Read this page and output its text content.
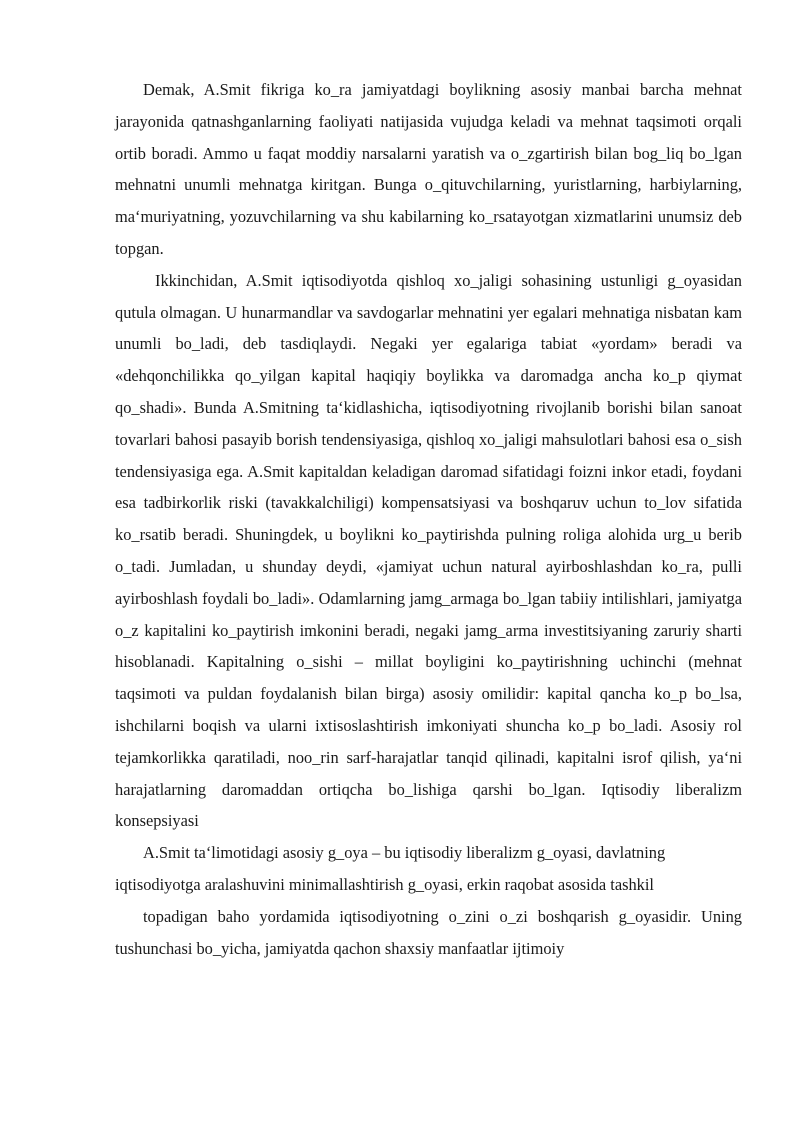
Demak, A.Smit fikriga ko_ra jamiyatdagi boylikning asosiy manbai barcha mehnat jarayonida qatnashganlarning faoliyati natijasida vujudga keladi va mehnat taqsimoti orqali ortib boradi. Ammo u faqat moddiy narsalarni yaratish va o_zgartirish bilan bog_liq bo_lgan mehnatni unumli mehnatga kiritgan. Bunga o_qituvchilarning, yuristlarning, harbiylarning, ma‘muriyatning, yozuvchilarning va shu kabilarning ko_rsatayotgan xizmatlarini unumsiz deb topgan.

Ikkinchidan, A.Smit iqtisodiyotda qishloq xo_jaligi sohasining ustunligi g_oyasidan qutula olmagan. U hunarmandlar va savdogarlar mehnatini yer egalari mehnatiga nisbatan kam unumli bo_ladi, deb tasdiqlaydi. Negaki yer egalariga tabiat «yordam» beradi va «dehqonchilikka qo_yilgan kapital haqiqiy boylikka va daromadga ancha ko_p qiymat qo_shadi». Bunda A.Smitning ta‘kidlashicha, iqtisodiyotning rivojlanib borishi bilan sanoat tovarlari bahosi pasayib borish tendensiyasiga, qishloq xo_jaligi mahsulotlari bahosi esa o_sish tendensiyasiga ega. A.Smit kapitaldan keladigan daromad sifatidagi foizni inkor etadi, foydani esa tadbirkorlik riski (tavakkalchiligi) kompensatsiyasi va boshqaruv uchun to_lov sifatida ko_rsatib beradi. Shuningdek, u boylikni ko_paytirishda pulning roliga alohida urg_u berib o_tadi. Jumladan, u shunday deydi, «jamiyat uchun natural ayirboshlashdan ko_ra, pulli ayirboshlash foydali bo_ladi». Odamlarning jamg_armaga bo_lgan tabiiy intilishlari, jamiyatga o_z kapitalini ko_paytirish imkonini beradi, negaki jamg_arma investitsiyaning zaruriy sharti hisoblanadi. Kapitalning o_sishi – millat boyligini ko_paytirishning uchinchi (mehnat taqsimoti va puldan foydalanish bilan birga) asosiy omilidir: kapital qancha ko_p bo_lsa, ishchilarni boqish va ularni ixtisoslashtirish imkoniyati shuncha ko_p bo_ladi. Asosiy rol tejamkorlikka qaratiladi, noo_rin sarf-harajatlar tanqid qilinadi, kapitalni isrof qilish, ya‘ni harajatlarning daromaddan ortiqcha bo_lishiga qarshi bo_lgan. Iqtisodiy liberalizm konsepsiyasi

A.Smit ta‘limotidagi asosiy g_oya – bu iqtisodiy liberalizm g_oyasi, davlatning iqtisodiyotga aralashuvini minimallashtirish g_oyasi, erkin raqobat asosida tashkil

topadigan baho yordamida iqtisodiyotning o_zini o_zi boshqarish g_oyasidir. Uning tushunchasi bo_yicha, jamiyatda qachon shaxsiy manfaatlar ijtimoiy
